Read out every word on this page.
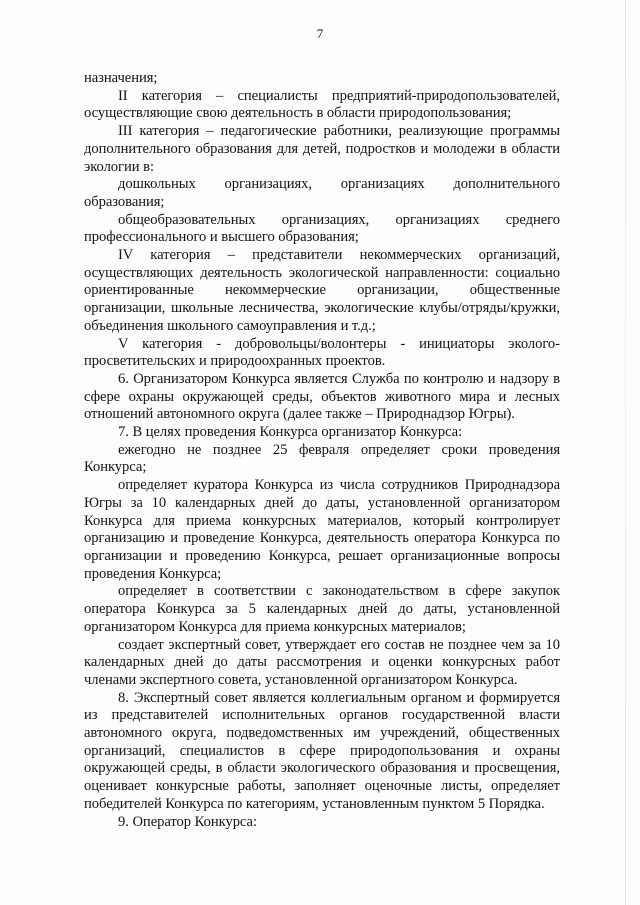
7

назначения;

II категория – специалисты предприятий-природопользователей, осуществляющие свою деятельность в области природопользования;

III категория – педагогические работники, реализующие программы дополнительного образования для детей, подростков и молодежи в области экологии в:

дошкольных организациях, организациях дополнительного образования;

общеобразовательных организациях, организациях среднего профессионального и высшего образования;

IV категория – представители некоммерческих организаций, осуществляющих деятельность экологической направленности: социально ориентированные некоммерческие организации, общественные организации, школьные лесничества, экологические клубы/отряды/кружки, объединения школьного самоуправления и т.д.;

V категория - добровольцы/волонтеры - инициаторы эколого-просветительских и природоохранных проектов.

6. Организатором Конкурса является Служба по контролю и надзору в сфере охраны окружающей среды, объектов животного мира и лесных отношений автономного округа (далее также – Природнадзор Югры).

7. В целях проведения Конкурса организатор Конкурса:

ежегодно не позднее 25 февраля определяет сроки проведения Конкурса;

определяет куратора Конкурса из числа сотрудников Природнадзора Югры за 10 календарных дней до даты, установленной организатором Конкурса для приема конкурсных материалов, который контролирует организацию и проведение Конкурса, деятельность оператора Конкурса по организации и проведению Конкурса, решает организационные вопросы проведения Конкурса;

определяет в соответствии с законодательством в сфере закупок оператора Конкурса за 5 календарных дней до даты, установленной организатором Конкурса для приема конкурсных материалов;

создает экспертный совет, утверждает его состав не позднее чем за 10 календарных дней до даты рассмотрения и оценки конкурсных работ членами экспертного совета, установленной организатором Конкурса.

8. Экспертный совет является коллегиальным органом и формируется из представителей исполнительных органов государственной власти автономного округа, подведомственных им учреждений, общественных организаций, специалистов в сфере природопользования и охраны окружающей среды, в области экологического образования и просвещения, оценивает конкурсные работы, заполняет оценочные листы, определяет победителей Конкурса по категориям, установленным пунктом 5 Порядка.

9. Оператор Конкурса:
